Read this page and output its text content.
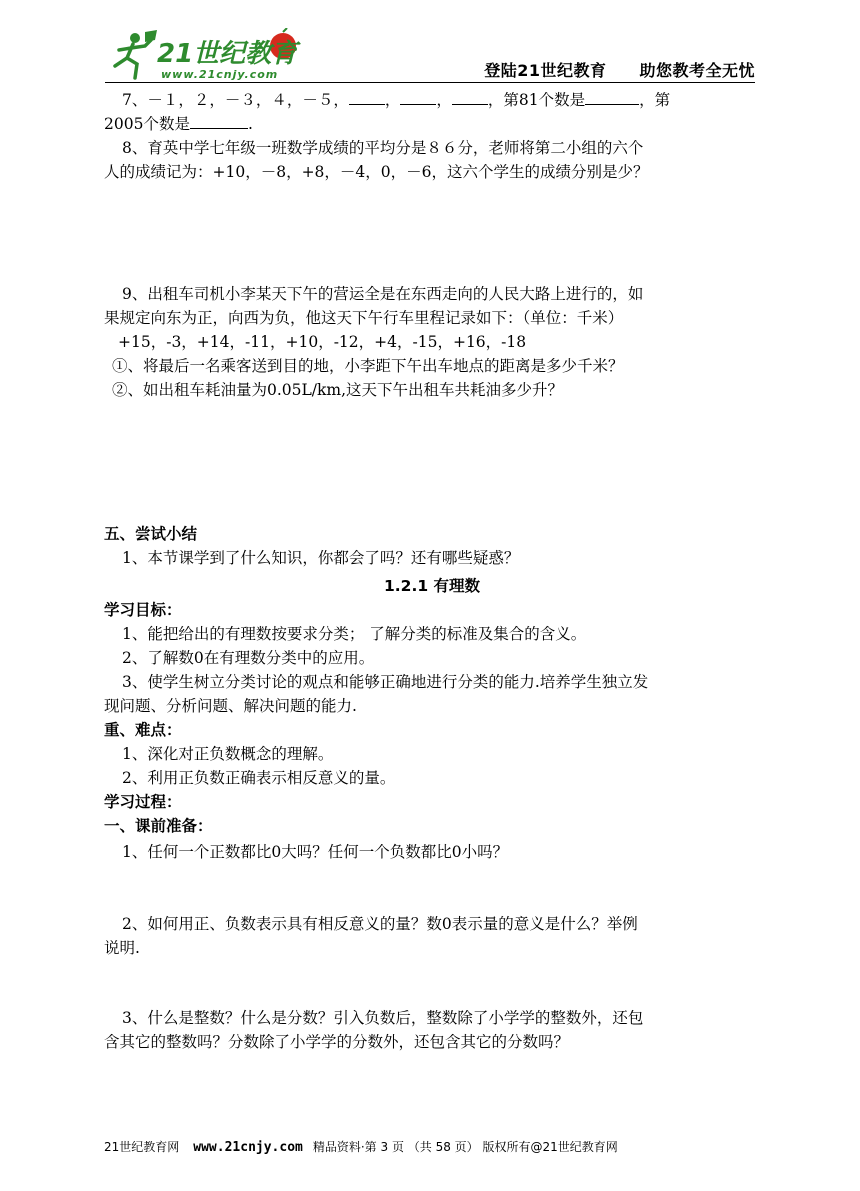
21世纪教育
www.21cnjy.com	登陆21世纪教育　　助您教考全无忧
7、－１，２，－３，４，－５， ， ， ，第81个数是	，第
2005个数是	.
8、育英中学七年级一班数学成绩的平均分是８６分，老师将第二小组的六个
人的成绩记为：+10，－8，+8，－4，0，－6，这六个学生的成绩分别是少？
9、出租车司机小李某天下午的营运全是在东西走向的人民大路上进行的，如
果规定向东为正，向西为负，他这天下午行车里程记录如下：（单位：千米）
+15，-3，+14，-11，+10，-12，+4，-15，+16，-18
①、将最后一名乘客送到目的地，小李距下午出车地点的距离是多少千米？
②、如出租车耗油量为0.05L/km,这天下午出租车共耗油多少升？
五、尝试小结
1、本节课学到了什么知识，你都会了吗？还有哪些疑惑？
1.2.1 有理数
学习目标：
1、能把给出的有理数按要求分类； 了解分类的标准及集合的含义。
2、了解数0在有理数分类中的应用。
3、使学生树立分类讨论的观点和能够正确地进行分类的能力.培养学生独立发
现问题、分析问题、解决问题的能力.
重、难点：
1、深化对正负数概念的理解。
2、利用正负数正确表示相反意义的量。
学习过程：
一、课前准备：
1、任何一个正数都比0大吗？任何一个负数都比0小吗？
2、如何用正、负数表示具有相反意义的量？数0表示量的意义是什么？举例
说明.
3、什么是整数？什么是分数？引入负数后，整数除了小学学的整数外，还包
含其它的整数吗？分数除了小学学的分数外，还包含其它的分数吗？
21世纪教育网 www.21cnjy.com 精品资料·第 3 页 （共 58 页） 版权所有@21世纪教育网
